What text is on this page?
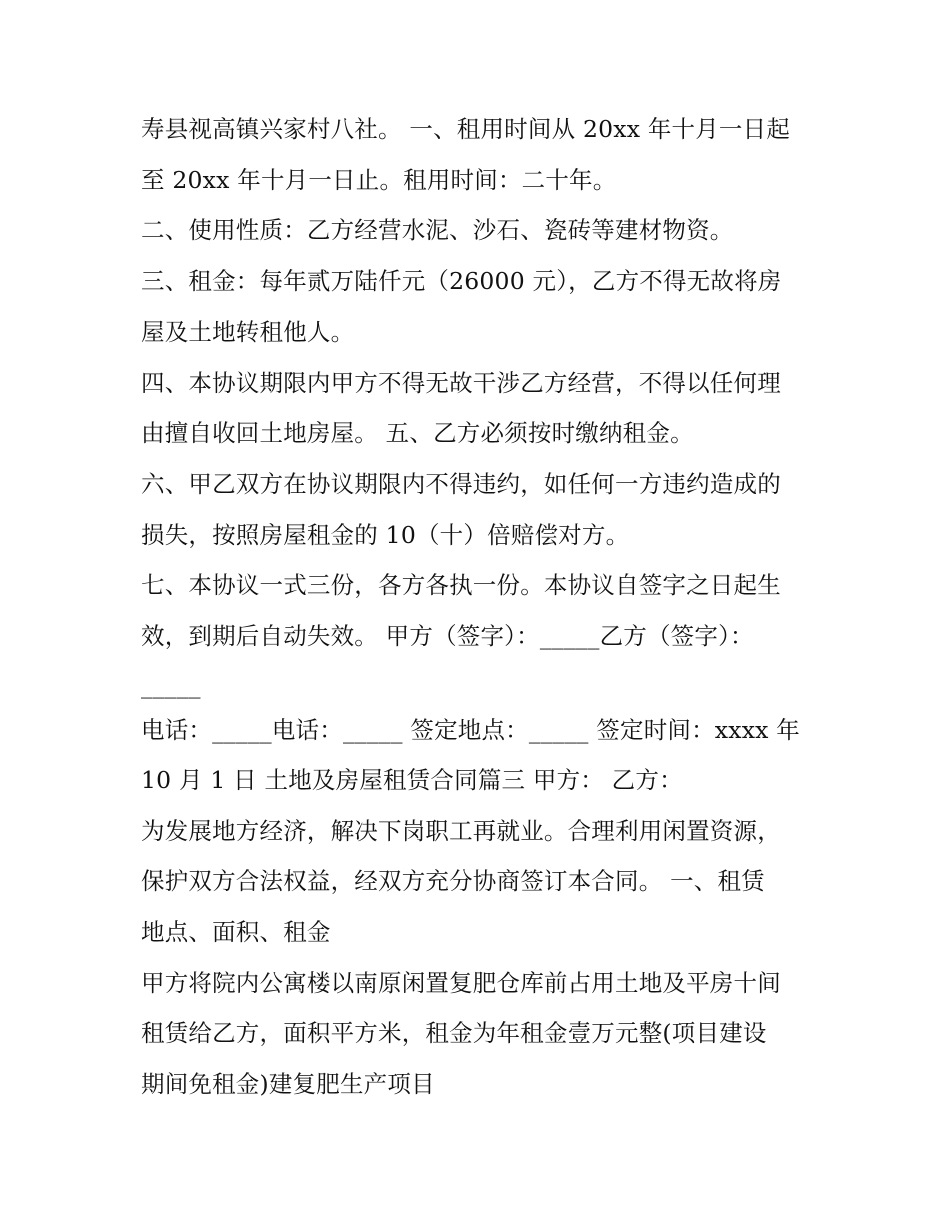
寿县视高镇兴家村八社。 一、租用时间从 20xx 年十月一日起

至 20xx 年十月一日止。租用时间：二十年。

二、使用性质：乙方经营水泥、沙石、瓷砖等建材物资。

三、租金：每年贰万陆仟元（26000 元），乙方不得无故将房

屋及土地转租他人。

四、本协议期限内甲方不得无故干涉乙方经营，不得以任何理

由擅自收回土地房屋。 五、乙方必须按时缴纳租金。

六、甲乙双方在协议期限内不得违约，如任何一方违约造成的

损失，按照房屋租金的 10（十）倍赔偿对方。

七、本协议一式三份，各方各执一份。本协议自签字之日起生

效，到期后自动失效。 甲方（签字）：_____乙方（签字）：

_____

电话：_____电话：_____ 签定地点：_____ 签定时间：xxxx 年

10 月 1 日 土地及房屋租赁合同篇三 甲方： 乙方：

为发展地方经济，解决下岗职工再就业。合理利用闲置资源，

保护双方合法权益，经双方充分协商签订本合同。 一、租赁

地点、面积、租金

甲方将院内公寓楼以南原闲置复肥仓库前占用土地及平房十间

租赁给乙方，面积平方米，租金为年租金壹万元整(项目建设

期间免租金)建复肥生产项目
